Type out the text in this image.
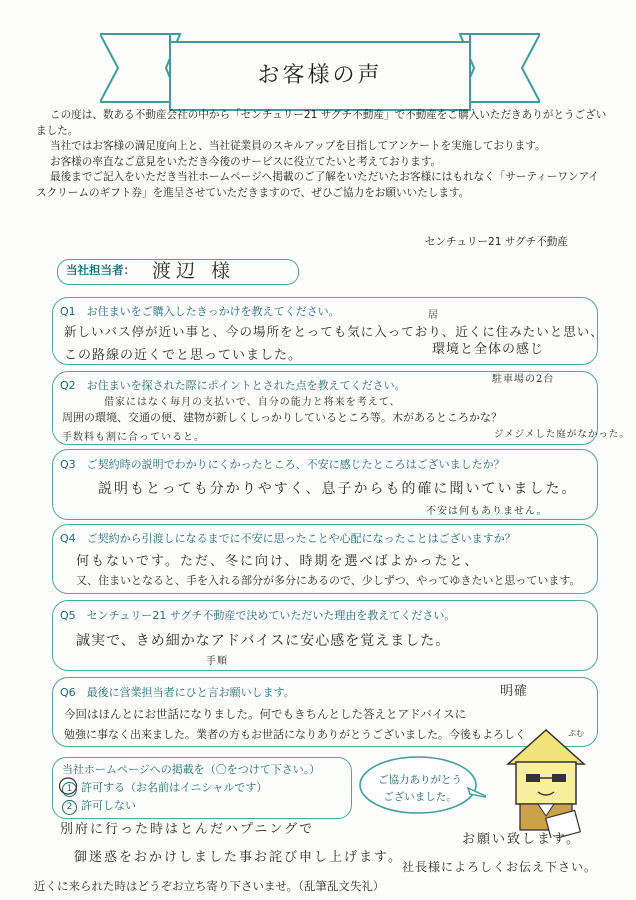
お客様の声

この度は、数ある不動産会社の中から「センチュリー21 サグチ不動産」で不動産をご購入いただきありがとうございました。

当社ではお客様の満足度向上と、当社従業員のスキルアップを目指してアンケートを実施しております。

お客様の率直なご意見をいただき今後のサービスに役立てたいと考えております。

最後までご記入をいただき当社ホームページへ掲載のご了解をいただいたお客様にはもれなく「サーティーワンアイスクリームのギフト券」を進呈させていただきますので、ぜひご協力をお願いいたします。

センチュリー21 サグチ不動産
当社担当者： 渡辺 様
Q1　お住まいをご購入したきっかけを教えてください。
新しいバス停が近い事と、今の場所をとっても気に入っており、近くに住みたいと思い、
この路線の近くでと思っていました。
居
環境と全体の感じ
駐車場の2台
Q2　お住まいを探された際にポイントとされた点を教えてください。
借家にはなく毎月の支払いで、自分の能力と将来を考えて、
周囲の環境、交通の便、建物が新しくしっかりしているところ等。木があるところかな？
手数料も割に合っていると。	ジメジメした庭がなかった。
Q3　ご契約時の説明でわかりにくかったところ、不安に感じたところはございましたか？
説明もとっても分かりやすく、息子からも的確に聞いていました。
不安は何もありません。
Q4　ご契約から引渡しになるまでに不安に思ったことや心配になったことはございますか？
何もないです。ただ、冬に向け、時期を選べばよかったと、
又、住まいとなると、手を入れる部分が多分にあるので、少しずつ、やってゆきたいと思っています。
Q5　センチュリー21 サグチ不動産で決めていただいた理由を教えてください。
誠実で、きめ細かなアドバイスに安心感を覚えました。
手順
Q6　最後に営業担当者にひと言お願いします。
今回はほんとにお世話になりました。何でもきちんとした答えとアドバイスに
勉強に事なく出来ました。業者の方もお世話になりありがとうございました。今後もよろしく
明確
当社ホームページへの掲載を（〇をつけて下さい。）
1 許可する（お名前はイニシャルです）
2 許可しない
ご協力ありがとう
ございました。
ぷむ
お願い致します。
別府に行った時はとんだハプニングで
御迷惑をおかけしました事お詫び申し上げます。
社長様によろしくお伝え下さい。
近くに来られた時はどうぞお立ち寄り下さいませ。（乱筆乱文失礼）
